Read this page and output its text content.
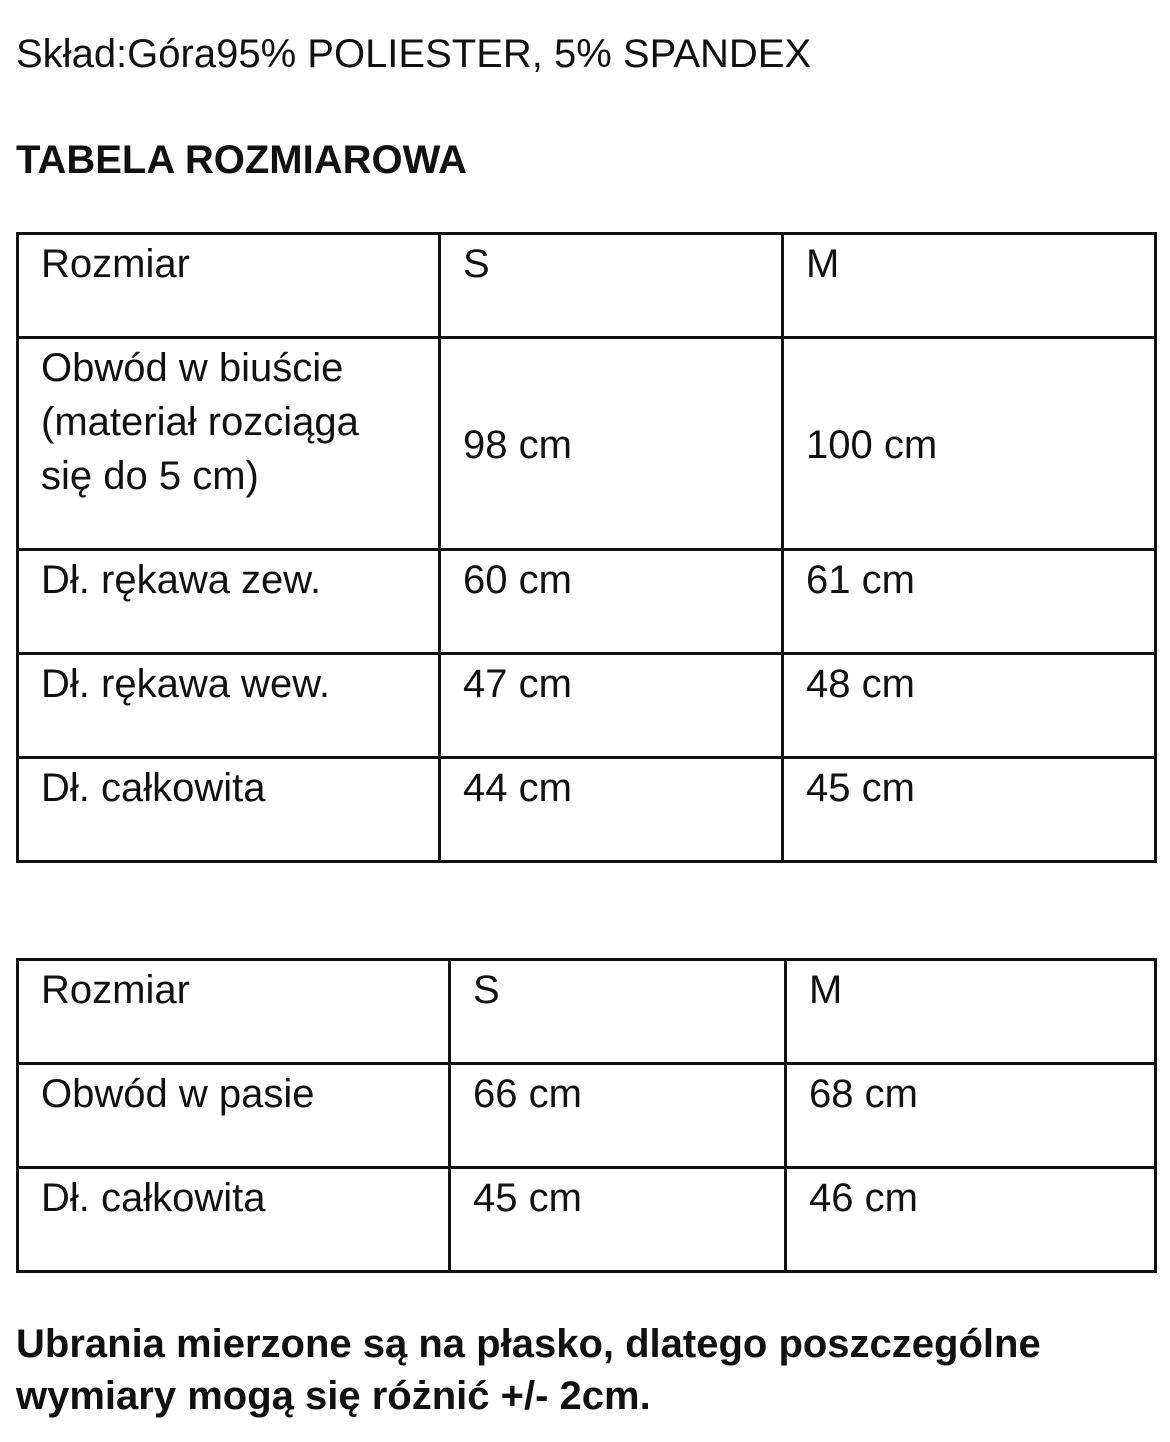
Skład:Góra95% POLIESTER, 5% SPANDEX
TABELA ROZMIAROWA
Rozmiar	S	M
Obwód w biuście (materiał rozciąga się do 5 cm)	98 cm	100 cm
Dł. rękawa zew.	60 cm	61 cm
Dł. rękawa wew.	47 cm	48 cm
Dł. całkowita	44 cm	45 cm
Rozmiar	S	M
Obwód w pasie	66 cm	68 cm
Dł. całkowita	45 cm	46 cm
Ubrania mierzone są na płasko, dlatego poszczególne wymiary mogą się różnić +/- 2cm.
